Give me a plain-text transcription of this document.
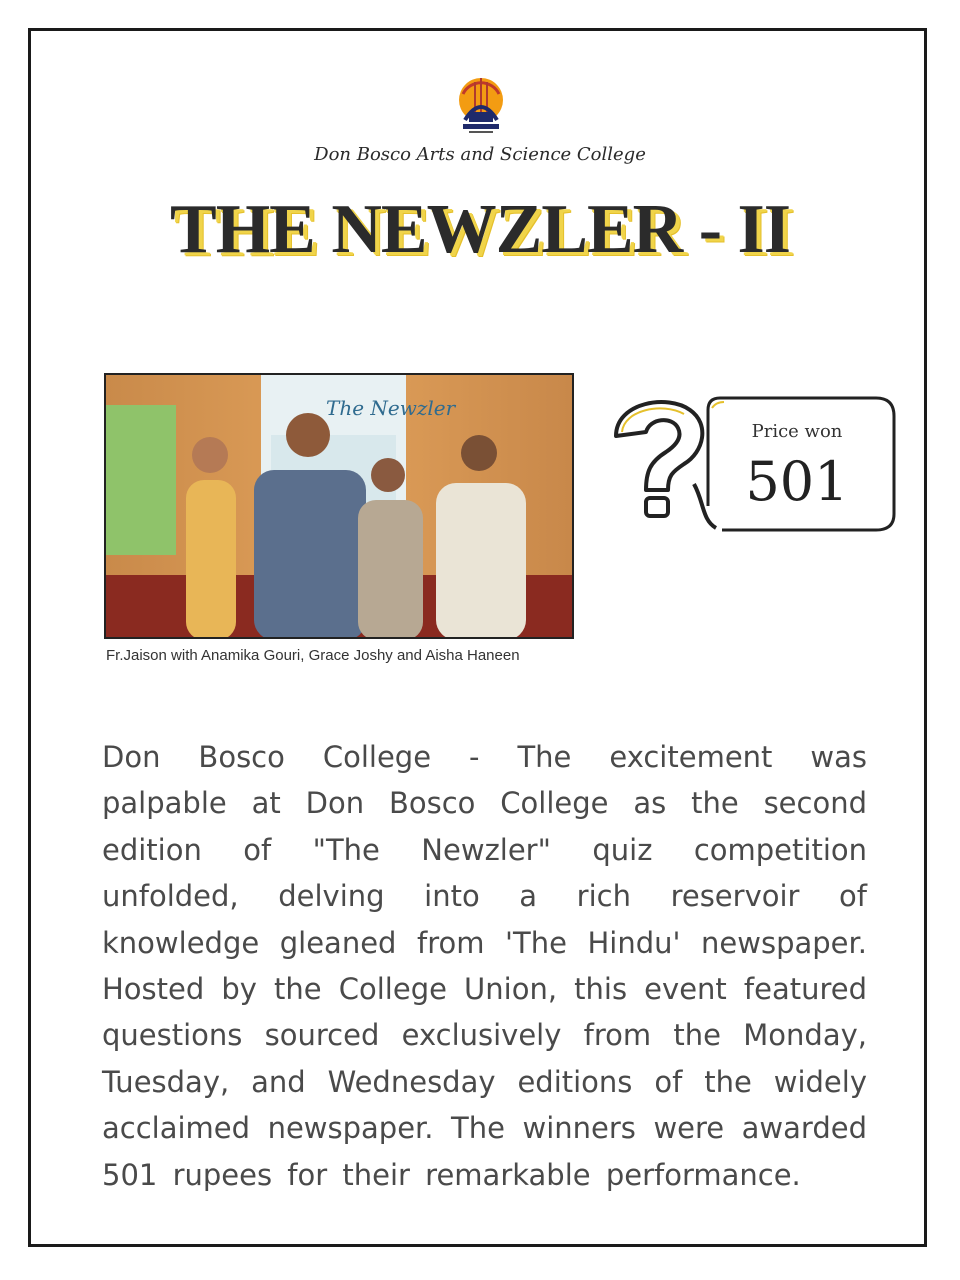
Don Bosco Arts and Science College
THE NEWZLER - II
The Newzler
Fr.Jaison with Anamika Gouri, Grace Joshy and Aisha Haneen
Price won
501
Don Bosco College - The excitement was palpable at Don Bosco College as the second edition of "The Newzler" quiz competition unfolded, delving into a rich reservoir of knowledge gleaned from 'The Hindu' newspaper. Hosted by the College Union, this event featured questions sourced exclusively from the Monday, Tuesday, and Wednesday editions of the widely acclaimed newspaper. The winners were awarded 501 rupees for their remarkable performance.
